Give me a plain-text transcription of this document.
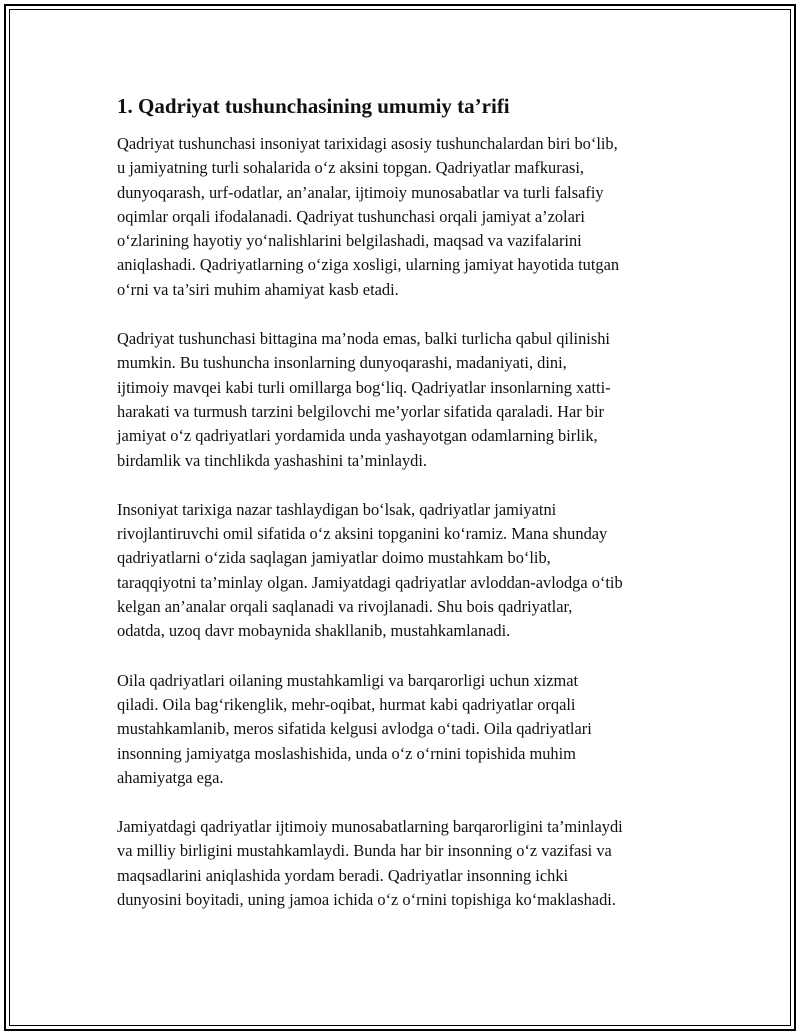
1. Qadriyat tushunchasining umumiy ta’rifi

Qadriyat tushunchasi insoniyat tarixidagi asosiy tushunchalardan biri bo‘lib,
u jamiyatning turli sohalarida o‘z aksini topgan. Qadriyatlar mafkurasi,
dunyoqarash, urf-odatlar, an’analar, ijtimoiy munosabatlar va turli falsafiy
oqimlar orqali ifodalanadi. Qadriyat tushunchasi orqali jamiyat a’zolari
o‘zlarining hayotiy yo‘nalishlarini belgilashadi, maqsad va vazifalarini
aniqlashadi. Qadriyatlarning o‘ziga xosligi, ularning jamiyat hayotida tutgan
o‘rni va ta’siri muhim ahamiyat kasb etadi.

Qadriyat tushunchasi bittagina ma’noda emas, balki turlicha qabul qilinishi
mumkin. Bu tushuncha insonlarning dunyoqarashi, madaniyati, dini,
ijtimoiy mavqei kabi turli omillarga bog‘liq. Qadriyatlar insonlarning xatti-
harakati va turmush tarzini belgilovchi me’yorlar sifatida qaraladi. Har bir
jamiyat o‘z qadriyatlari yordamida unda yashayotgan odamlarning birlik,
birdamlik va tinchlikda yashashini ta’minlaydi.

Insoniyat tarixiga nazar tashlaydigan bo‘lsak, qadriyatlar jamiyatni
rivojlantiruvchi omil sifatida o‘z aksini topganini ko‘ramiz. Mana shunday
qadriyatlarni o‘zida saqlagan jamiyatlar doimo mustahkam bo‘lib,
taraqqiyotni ta’minlay olgan. Jamiyatdagi qadriyatlar avloddan-avlodga o‘tib
kelgan an’analar orqali saqlanadi va rivojlanadi. Shu bois qadriyatlar,
odatda, uzoq davr mobaynida shakllanib, mustahkamlanadi.

Oila qadriyatlari oilaning mustahkamligi va barqarorligi uchun xizmat
qiladi. Oila bag‘rikenglik, mehr-oqibat, hurmat kabi qadriyatlar orqali
mustahkamlanib, meros sifatida kelgusi avlodga o‘tadi. Oila qadriyatlari
insonning jamiyatga moslashishida, unda o‘z o‘rnini topishida muhim
ahamiyatga ega.

Jamiyatdagi qadriyatlar ijtimoiy munosabatlarning barqarorligini ta’minlaydi
va milliy birligini mustahkamlaydi. Bunda har bir insonning o‘z vazifasi va
maqsadlarini aniqlashida yordam beradi. Qadriyatlar insonning ichki
dunyosini boyitadi, uning jamoa ichida o‘z o‘rnini topishiga ko‘maklashadi.
